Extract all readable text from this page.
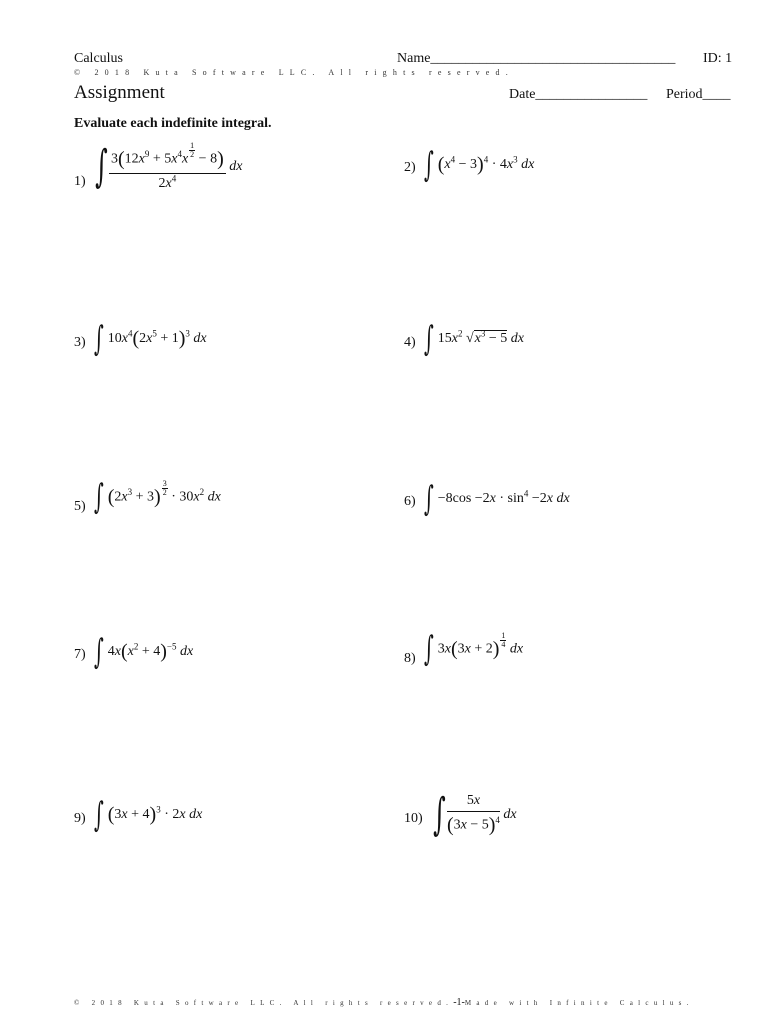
Calculus	Name___________________________________ ID: 1
© 2018 Kuta Software LLC. All rights reserved.
Assignment	Date________________ Period____
Evaluate each indefinite integral.
1) ∫ $3(12x^9 + 5x^4x$
$\frac{1}{2}$
− 8)
$2x^4$ dx	2) ∫ $(x^4 - 3)^4 \cdot 4x^3$ dx
3) ∫ $10x^4(2x^5 + 1)^3$ dx	4) ∫ $15x^2$ $√x^3 - 5$ dx
5) ∫ $(2x^3 + 3) \frac{3}{2}$
· $30x^2$ dx	6) ∫ $-8\cos -2x \cdot \sin^4 -2x$ dx
7) ∫ $4x(x^2 + 4)^{-5}$ dx	8) ∫ $3x(3x + 2) \frac{1}{4}$
dx
9) ∫ $(3x + 4)^3 \cdot 2x$ dx	10) ∫ $\frac{5x}{(3x - 5)^4}$ dx
© 2018 Kuta Software LLC. All rights reserved.-1-Made with Infinite Calculus.
